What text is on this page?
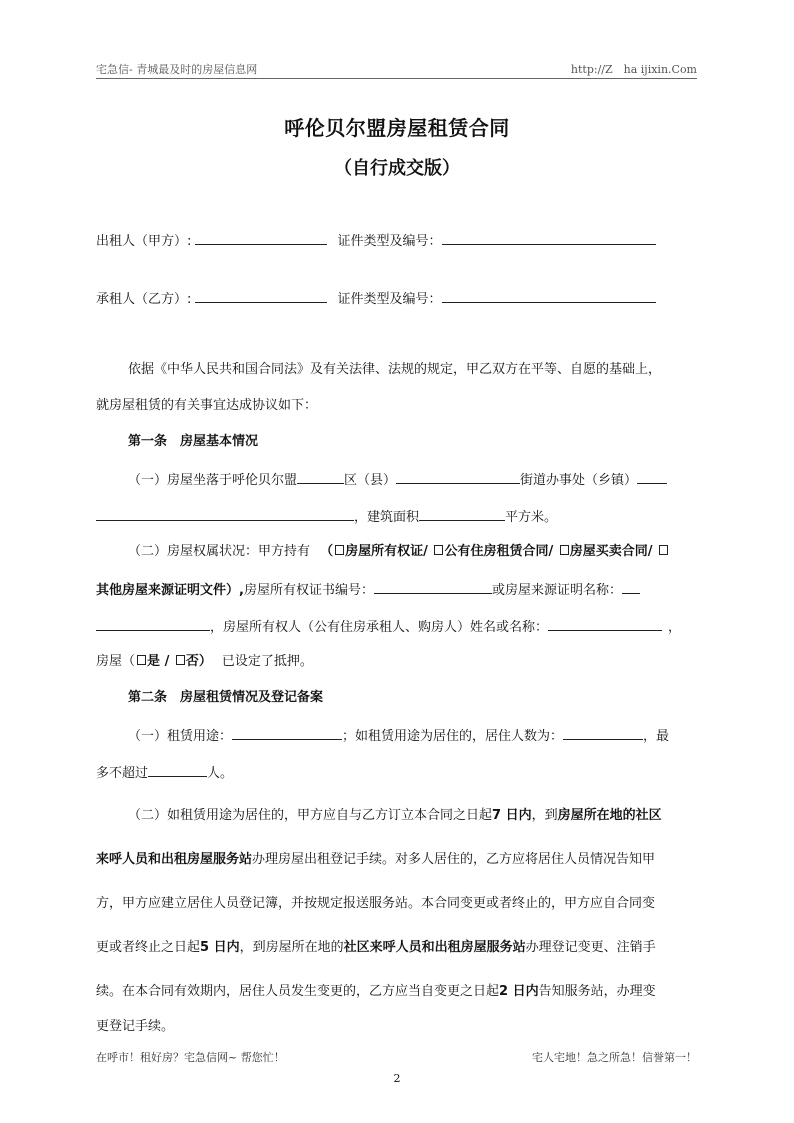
宅急信- 青城最及时的房屋信息网	http://Z　ha ijixin.Com
呼伦贝尔盟房屋租赁合同
（自行成交版）
出租人（甲方）:	证件类型及编号：
承租人（乙方）:	证件类型及编号：
依据《中华人民共和国合同法》及有关法律、法规的规定，甲乙双方在平等、自愿的基础上，
就房屋租赁的有关事宜达成协议如下：
第一条　房屋基本情况
（一）房屋坐落于呼伦贝尔盟	区（县）	街道办事处（乡镇）
，建筑面积	平方米。
（二）房屋权属状况：甲方持有 （ 房屋所有权证/ 公有住房租赁合同/ 房屋买卖合同/
其他房屋来源证明文件）,房屋所有权证书编号：	或房屋来源证明名称：
，房屋所有权人（公有住房承租人、购房人）姓名或名称：	，
房屋（ 是 / 否） 已设定了抵押。
第二条　房屋租赁情况及登记备案
（一）租赁用途：	；如租赁用途为居住的，居住人数为：	，最
多不超过	人。
（二）如租赁用途为居住的，甲方应自与乙方订立本合同之日起7 日内，到房屋所在地的社区
来呼人员和出租房屋服务站办理房屋出租登记手续。对多人居住的，乙方应将居住人员情况告知甲
方，甲方应建立居住人员登记簿，并按规定报送服务站。本合同变更或者终止的，甲方应自合同变
更或者终止之日起5 日内，到房屋所在地的社区来呼人员和出租房屋服务站办理登记变更、注销手
续。在本合同有效期内，居住人员发生变更的，乙方应当自变更之日起2 日内告知服务站，办理变
更登记手续。
在呼市！租好房？宅急信网~ 帮您忙！	宅人宅地！急之所急！信誉第一！
2
